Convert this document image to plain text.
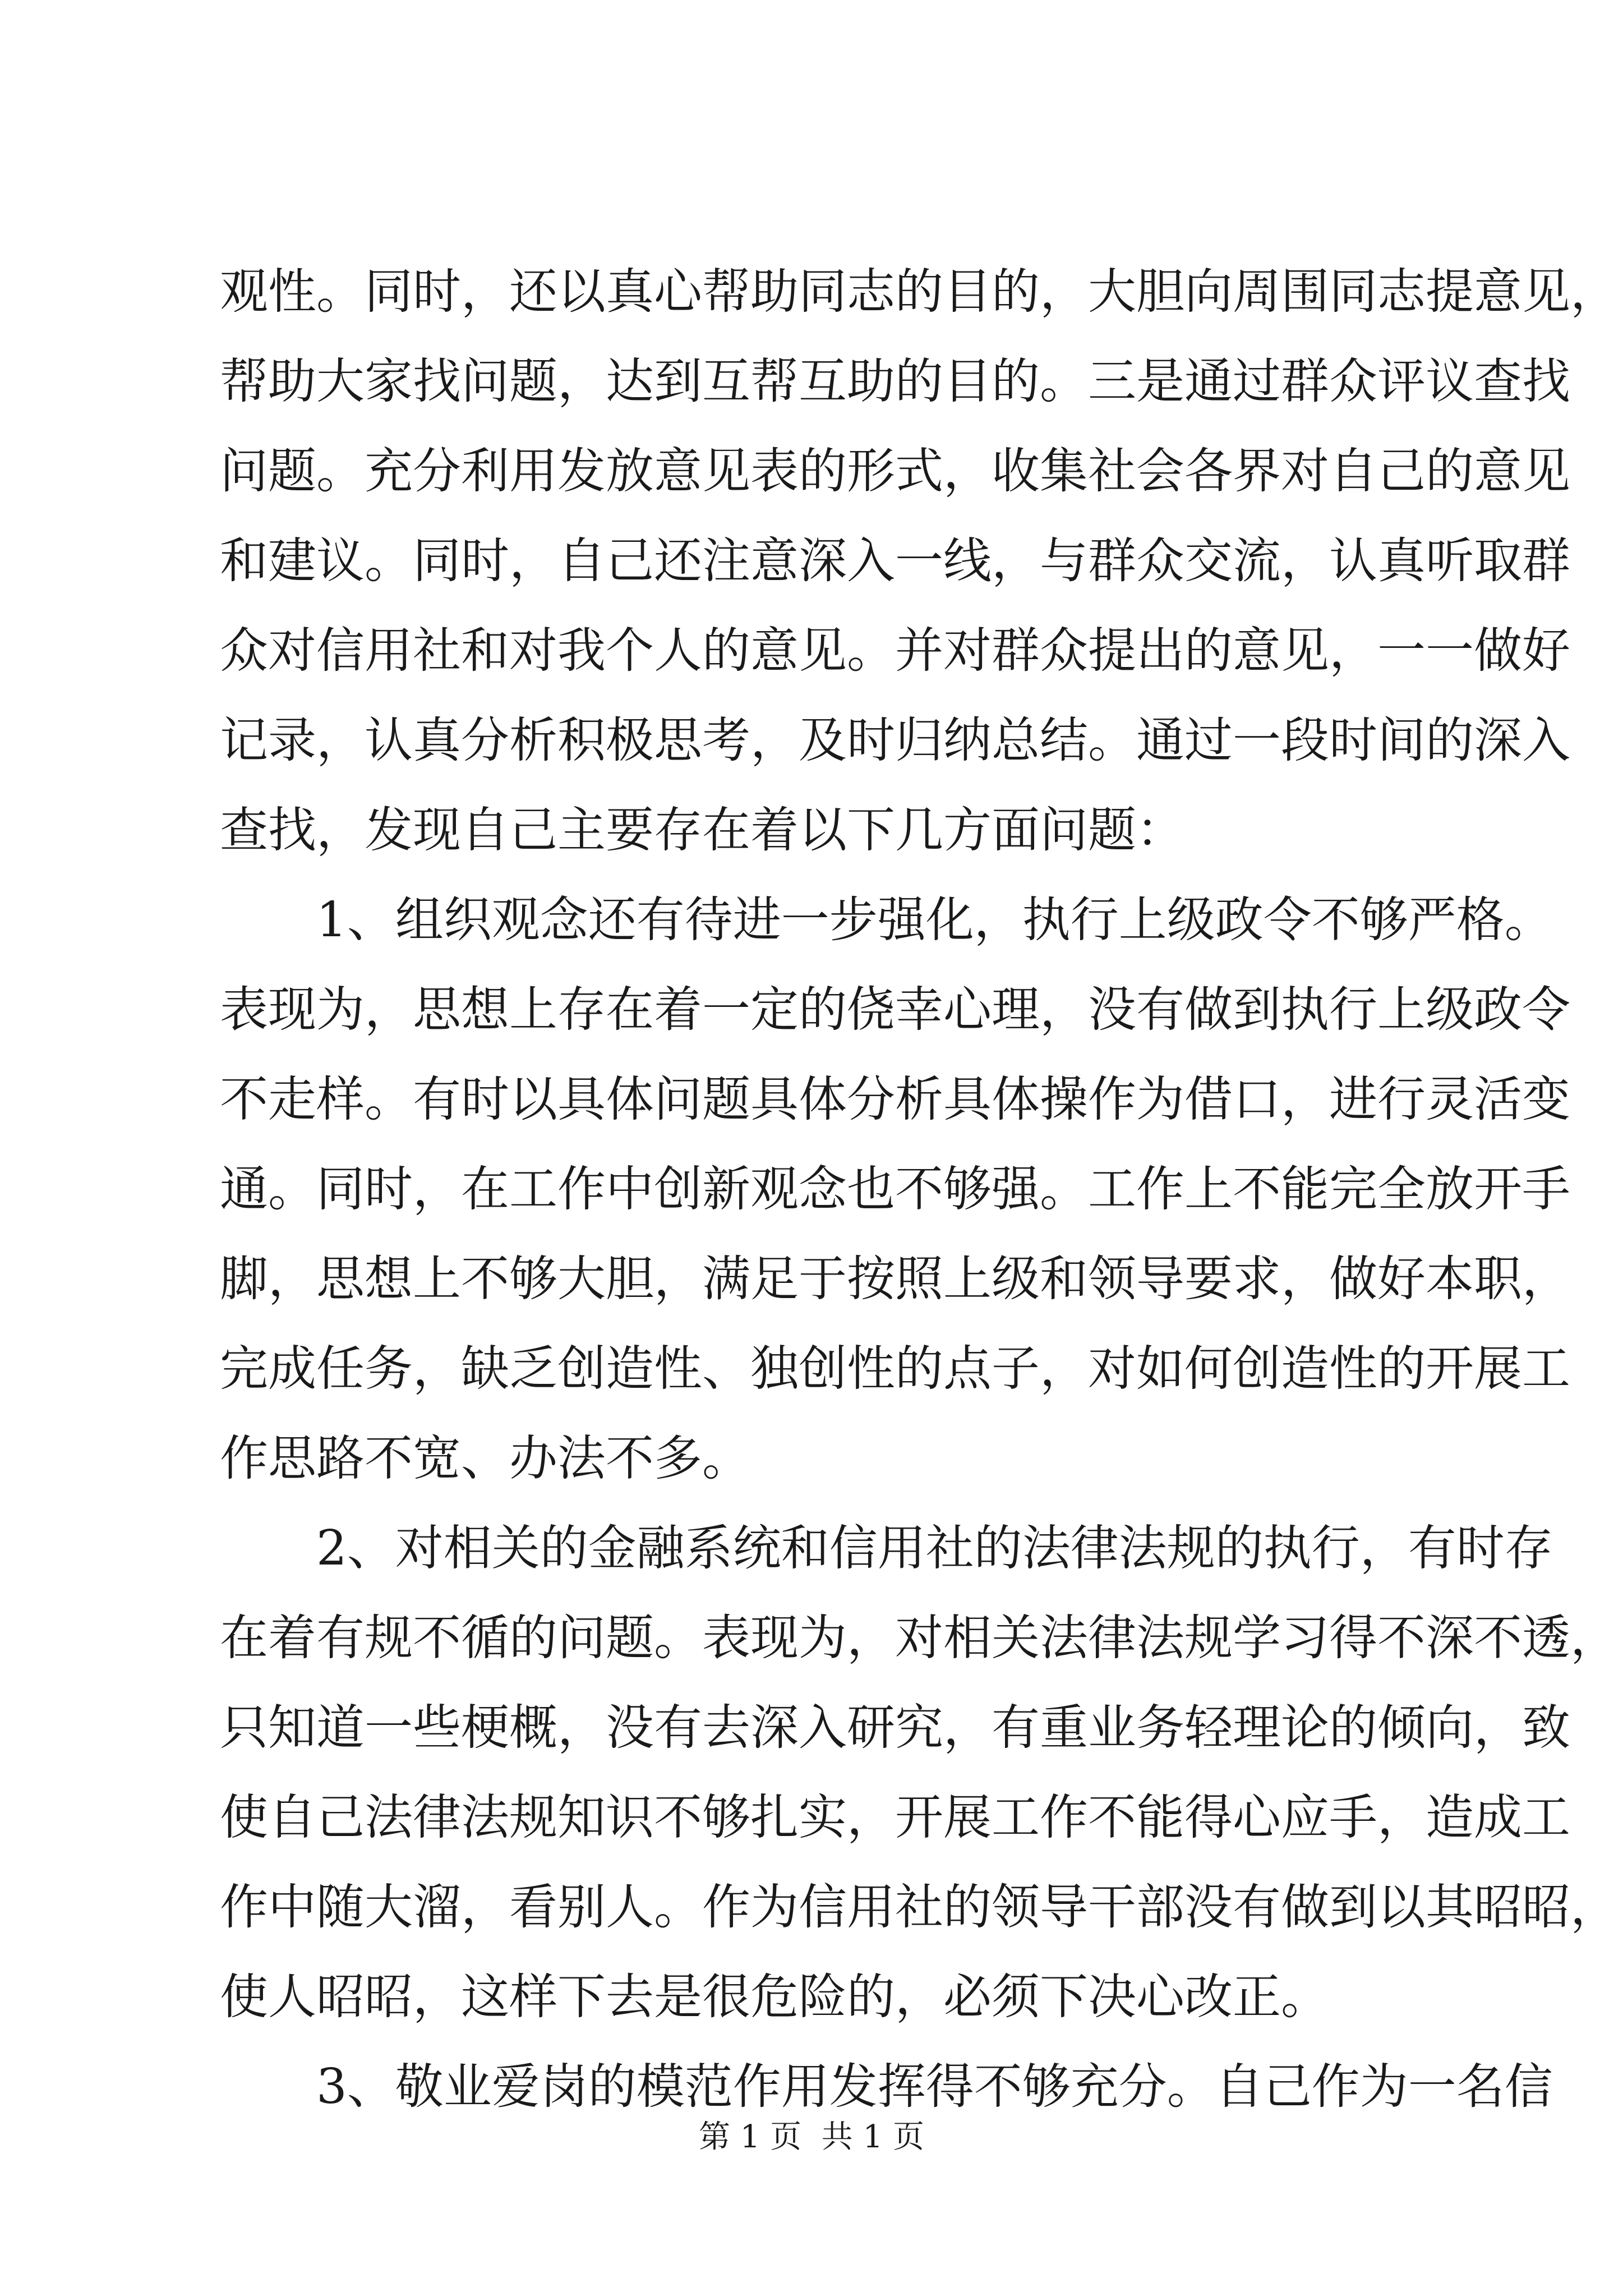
观性。同时，还以真心帮助同志的目的，大胆向周围同志提意见，
帮助大家找问题，达到互帮互助的目的。三是通过群众评议查找
问题。充分利用发放意见表的形式，收集社会各界对自己的意见
和建议。同时，自己还注意深入一线，与群众交流，认真听取群
众对信用社和对我个人的意见。并对群众提出的意见，一一做好
记录，认真分析积极思考，及时归纳总结。通过一段时间的深入
查找，发现自己主要存在着以下几方面问题：
1、组织观念还有待进一步强化，执行上级政令不够严格。
表现为，思想上存在着一定的侥幸心理，没有做到执行上级政令
不走样。有时以具体问题具体分析具体操作为借口，进行灵活变
通。同时，在工作中创新观念也不够强。工作上不能完全放开手
脚，思想上不够大胆，满足于按照上级和领导要求，做好本职，
完成任务，缺乏创造性、独创性的点子，对如何创造性的开展工
作思路不宽、办法不多。
2、对相关的金融系统和信用社的法律法规的执行，有时存
在着有规不循的问题。表现为，对相关法律法规学习得不深不透，
只知道一些梗概，没有去深入研究，有重业务轻理论的倾向，致
使自己法律法规知识不够扎实，开展工作不能得心应手，造成工
作中随大溜，看别人。作为信用社的领导干部没有做到以其昭昭，
使人昭昭，这样下去是很危险的，必须下决心改正。
3、敬业爱岗的模范作用发挥得不够充分。自己作为一名信
第 1 页  共 1 页
